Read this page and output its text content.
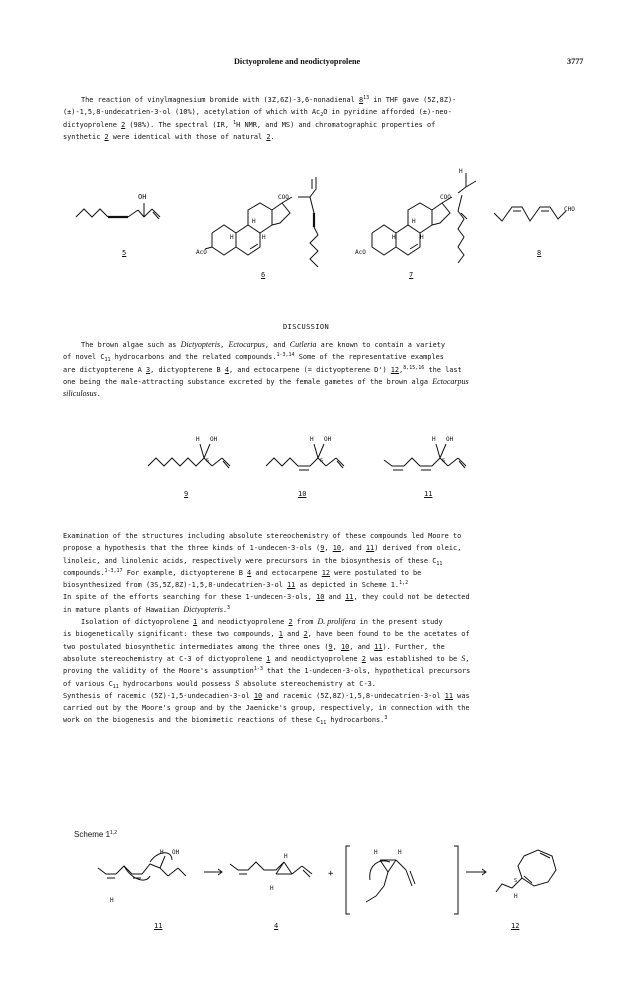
Dictyoprolene and neodictyoprolene	3777

The reaction of vinylmagnesium bromide with (3Z,6Z)-3,6-nonadienal $8^{13}$ in THF gave (5Z,8Z)-

(±)-1,5,8-undecatrien-3-ol (10%), acetylation of which with $Ac_2O$ in pyridine afforded (±)-neo-

dictyoprolene 2 (98%). The spectral (IR, $^1$H NMR, and MS) and chromatographic properties of

synthetic 2 were identical with those of natural 2.

OH	COO
AcO
H
H
H
COO
AcO
H
H
H
H
CHO
5
6	7
8
DISCUSSION

The brown algae such as Dictyopteris, Ectocarpus, and Cutleria are known to contain a variety

of novel $C_{11}$ hydrocarbons and the related compounds.$^{1-3,14}$ Some of the representative examples

are dictyopterene A 3, dictyopterene B 4, and ectocarpene (= dictyopterene D') 12,$^{8,15,16}$ the last

one being the male-attracting substance excreted by the female gametes of the brown alga Ectocarpus

siliculosus.

H OH
S
H OH
S
H OH
S
9	10	11

Examination of the structures including absolute stereochemistry of these compounds led Moore to

propose a hypothesis that the three kinds of 1-undecen-3-ols (9, 10, and 11) derived from oleic,

linoleic, and linolenic acids, respectively were precursors in the biosynthesis of these $C_{11}$

compounds.$^{1-3,17}$ For example, dictyopterene B 4 and ectocarpene 12 were postulated to be

biosynthesized from (3S,5Z,8Z)-1,5,8-undecatrien-3-ol 11 as depicted in Scheme 1.$^{1,2}$

In spite of the efforts searching for these 1-undecen-3-ols, 10 and 11, they could not be detected

in mature plants of Hawaiian Dictyopteris.$^3$

Isolation of dictyoprolene 1 and neodictyoprolene 2 from D. prolifera in the present study

is biogenetically significant: these two compounds, 1 and 2, have been found to be the acetates of

two postulated biosynthetic intermediates among the three ones (9, 10, and 11). Further, the

absolute stereochemistry at C-3 of dictyoprolene 1 and neodictyoprolene 2 was established to be S,

proving the validity of the Moore's assumption$^{1-3}$ that the 1-undecen-3-ols, hypothetical precursors

of various $C_{11}$ hydrocarbons would possess S absolute stereochemistry at C-3.

Synthesis of racemic (5Z)-1,5-undecadien-3-ol 10 and racemic (5Z,8Z)-1,5,8-undecatrien-3-ol 11 was

carried out by the Moore's group and by the Jaenicke's group, respectively, in connection with the

work on the biogenesis and the biomimetic reactions of these $C_{11}$ hydrocarbons.$^3$

Scheme 1$^{1,2}$
H OH
H
H
H
+
H	H
S
H
11	4	12
